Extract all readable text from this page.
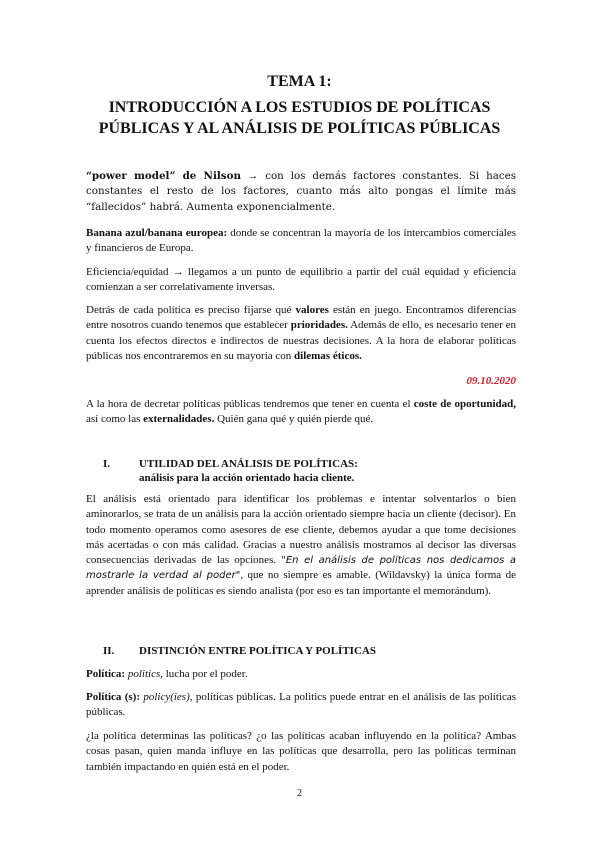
TEMA 1:
INTRODUCCIÓN A LOS ESTUDIOS DE POLÍTICAS
PÚBLICAS Y AL ANÁLISIS DE POLÍTICAS PÚBLICAS

“power model” de Nilson → con los demás factores constantes. Si haces constantes el resto de los factores, cuanto más alto pongas el límite más “fallecidos” habrá. Aumenta exponencialmente.

Banana azul/banana europea: donde se concentran la mayoría de los intercambios comerciales y financieros de Europa.

Eficiencia/equidad → llegamos a un punto de equilibrio a partir del cuál equidad y eficiencia comienzan a ser correlativamente inversas.

Detrás de cada política es preciso fijarse qué valores están en juego. Encontramos diferencias entre nosotros cuando tenemos que establecer prioridades. Además de ello, es necesario tener en cuenta los efectos directos e indirectos de nuestras decisiones. A la hora de elaborar políticas públicas nos encontraremos en su mayoría con dilemas éticos.

09.10.2020

A la hora de decretar políticas públicas tendremos que tener en cuenta el coste de oportunidad, así como las externalidades. Quién gana qué y quién pierde qué.

I.	UTILIDAD DEL ANÁLISIS DE POLÍTICAS:
análisis para la acción orientado hacia cliente.

El análisis está orientado para identificar los problemas e intentar solventarlos o bien aminorarlos, se trata de un análisis para la acción orientado siempre hacia un cliente (decisor). En todo momento operamos como asesores de ese cliente, debemos ayudar a que tome decisiones más acertadas o con más calidad. Gracias a nuestro análisis mostramos al decisor las diversas consecuencias derivadas de las opciones. "En el análisis de políticas nos dedicamos a mostrarle la verdad al poder", que no siempre es amable. (Wildavsky) la única forma de aprender análisis de políticas es siendo analista (por eso es tan importante el memorándum).

II. DISTINCIÓN ENTRE POLÍTICA Y POLÍTICAS

Política: politics, lucha por el poder.

Política (s): policy(ies), políticas públicas. La politics puede entrar en el análisis de las políticas públicas.

¿la política determinas las políticas? ¿o las políticas acaban influyendo en la política? Ambas cosas pasan, quien manda influye en las políticas que desarrolla, pero las políticas terminan también impactando en quién está en el poder.

2
